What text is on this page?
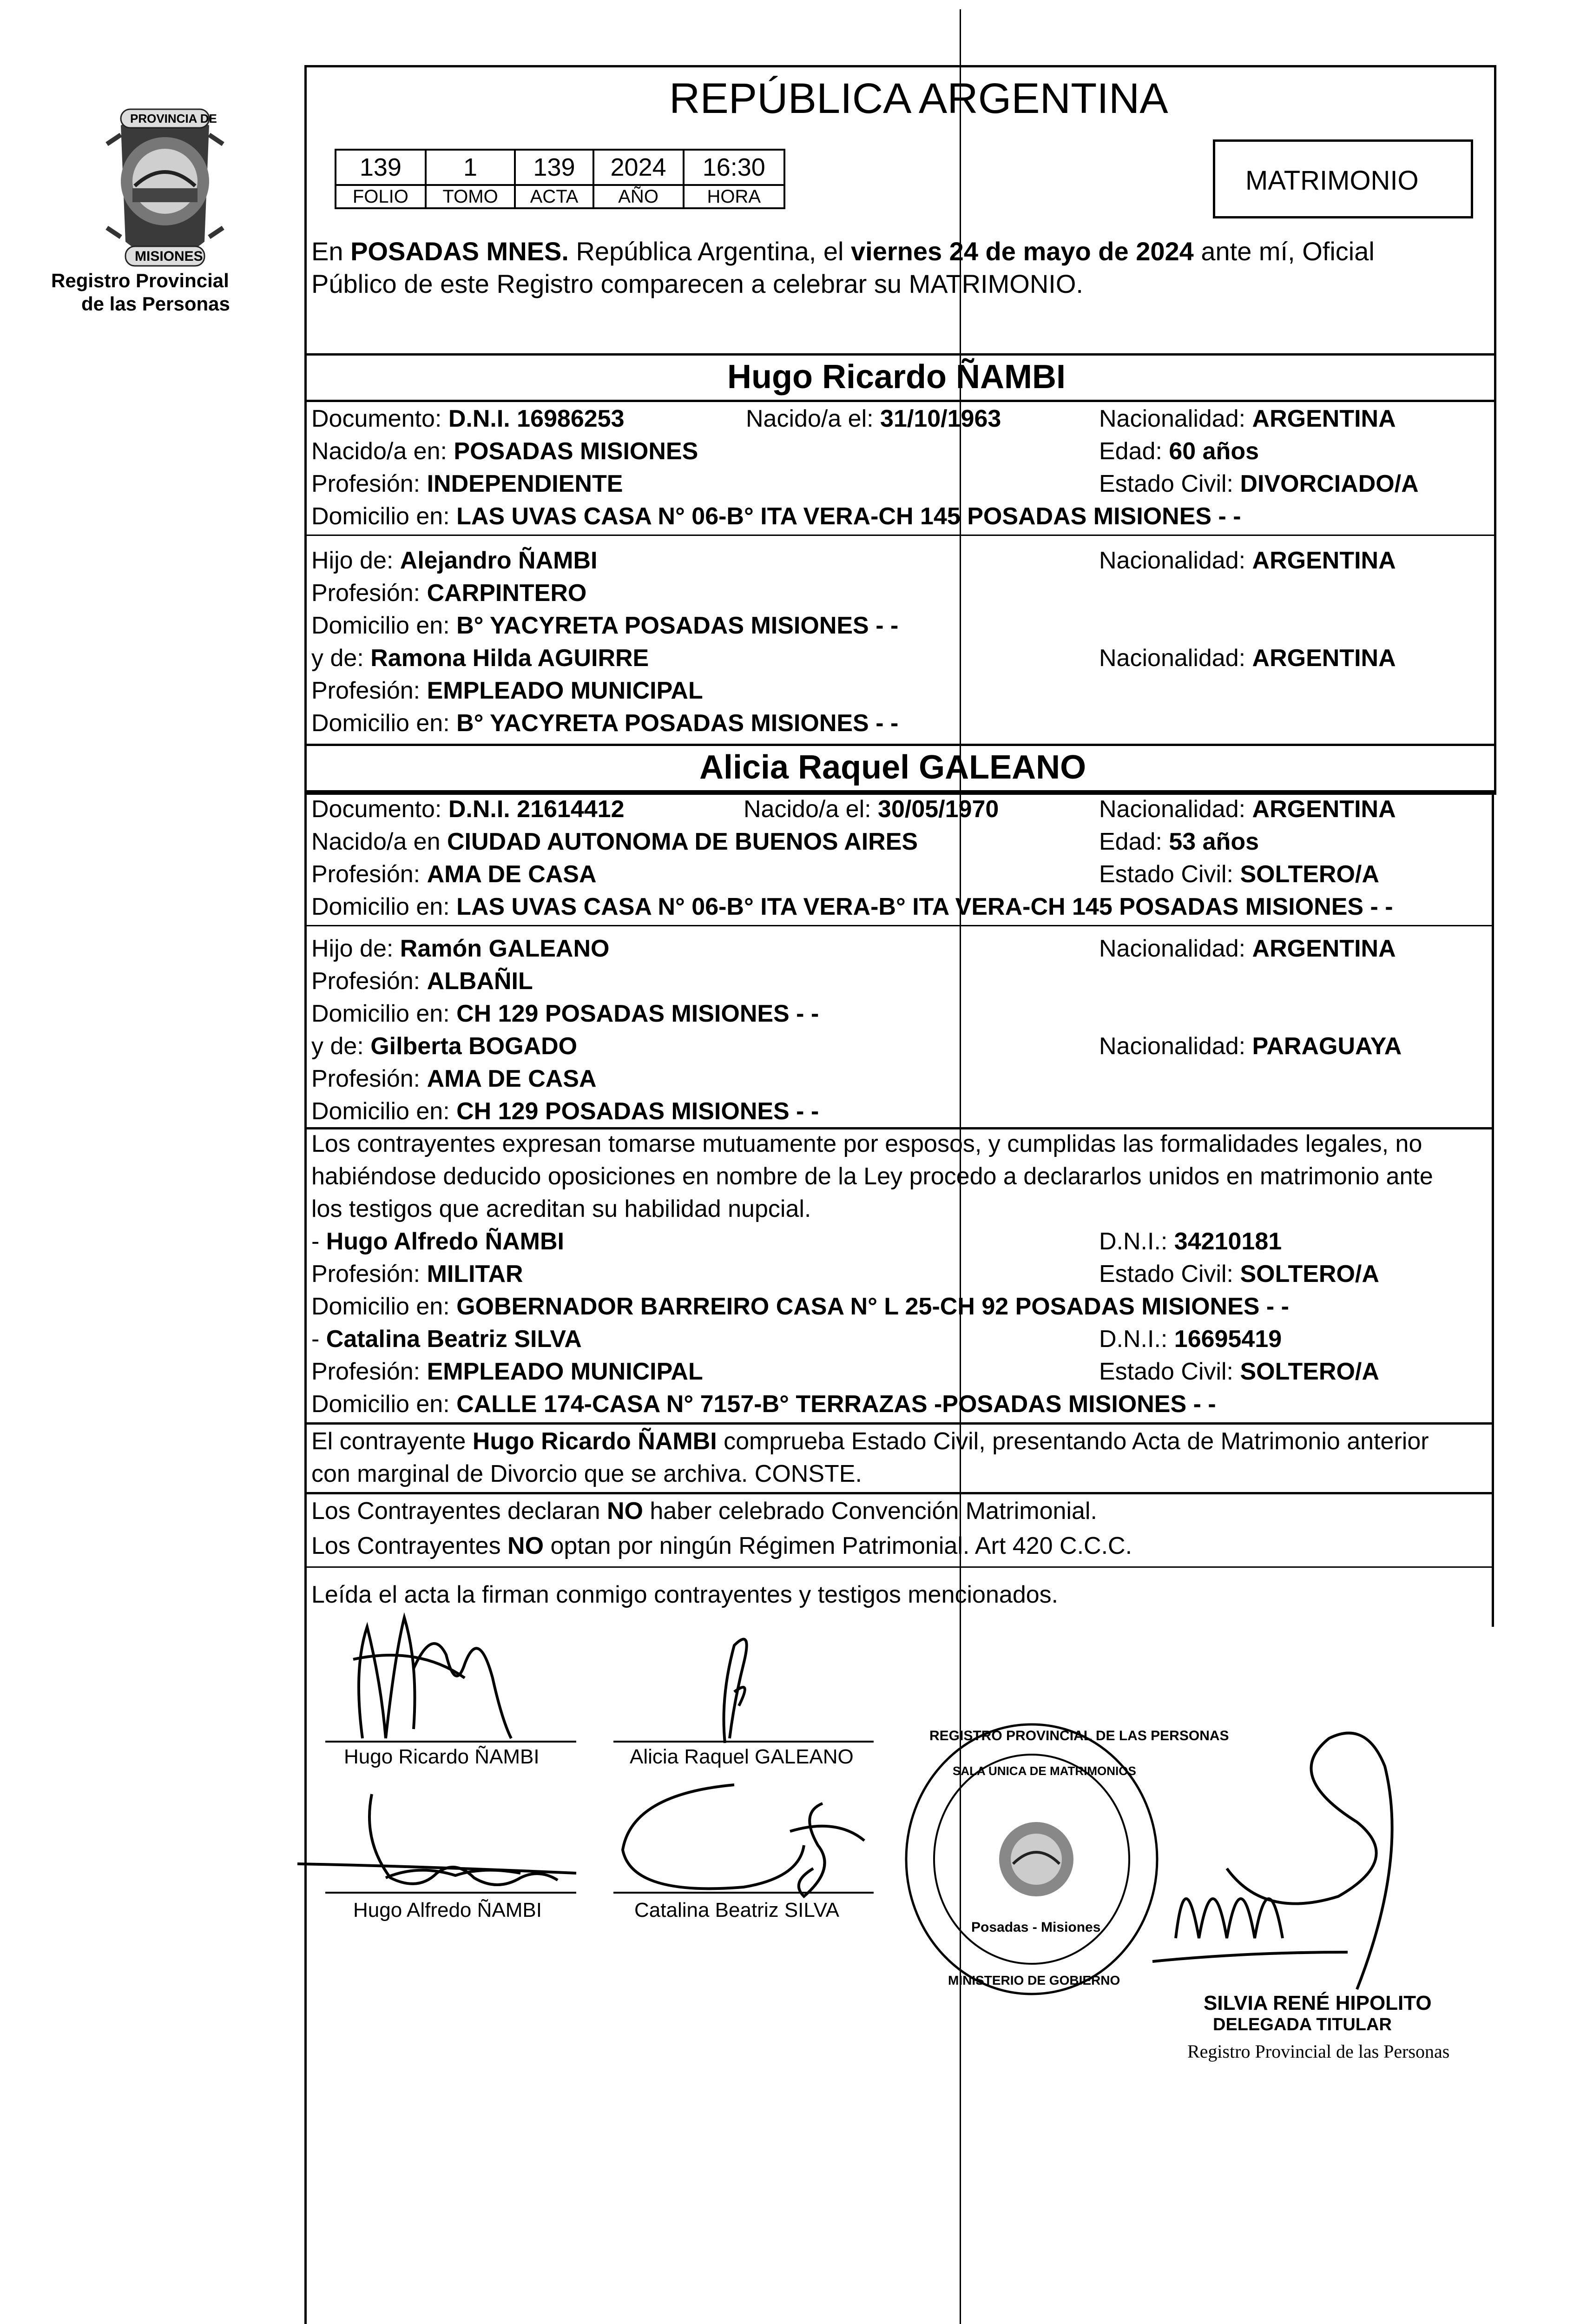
PROVINCIA DE
MISIONES
Registro Provincial
de las Personas
REPÚBLICA ARGENTINA
139	1	139	2024	16:30
FOLIO	TOMO	ACTA	AÑO	HORA
MATRIMONIO
En POSADAS MNES. República Argentina, el viernes 24 de mayo de 2024 ante mí, Oficial
Público de este Registro comparecen a celebrar su MATRIMONIO.
Hugo Ricardo ÑAMBI
Documento: D.N.I. 16986253	Nacido/a el: 31/10/1963	Nacionalidad: ARGENTINA
Nacido/a en: POSADAS MISIONES	Edad: 60 años
Profesión: INDEPENDIENTE	Estado Civil: DIVORCIADO/A
Domicilio en: LAS UVAS CASA N° 06-B° ITA VERA-CH 145 POSADAS MISIONES - -
Hijo de: Alejandro ÑAMBI	Nacionalidad: ARGENTINA
Profesión: CARPINTERO
Domicilio en: B° YACYRETA POSADAS MISIONES - -
y de: Ramona Hilda AGUIRRE	Nacionalidad: ARGENTINA
Profesión: EMPLEADO MUNICIPAL
Domicilio en: B° YACYRETA POSADAS MISIONES - -
Alicia Raquel GALEANO
Documento: D.N.I. 21614412	Nacido/a el: 30/05/1970	Nacionalidad: ARGENTINA
Nacido/a en CIUDAD AUTONOMA DE BUENOS AIRES	Edad: 53 años
Profesión: AMA DE CASA	Estado Civil: SOLTERO/A
Domicilio en: LAS UVAS CASA N° 06-B° ITA VERA-B° ITA VERA-CH 145 POSADAS MISIONES - -
Hijo de: Ramón GALEANO	Nacionalidad: ARGENTINA
Profesión: ALBAÑIL
Domicilio en: CH 129 POSADAS MISIONES - -
y de: Gilberta BOGADO	Nacionalidad: PARAGUAYA
Profesión: AMA DE CASA
Domicilio en: CH 129 POSADAS MISIONES - -
Los contrayentes expresan tomarse mutuamente por esposos, y cumplidas las formalidades legales, no
habiéndose deducido oposiciones en nombre de la Ley procedo a declararlos unidos en matrimonio ante
los testigos que acreditan su habilidad nupcial.
- Hugo Alfredo ÑAMBI	D.N.I.: 34210181
Profesión: MILITAR	Estado Civil: SOLTERO/A
Domicilio en: GOBERNADOR BARREIRO CASA N° L 25-CH 92 POSADAS MISIONES - -
- Catalina Beatriz SILVA	D.N.I.: 16695419
Profesión: EMPLEADO MUNICIPAL	Estado Civil: SOLTERO/A
Domicilio en: CALLE 174-CASA N° 7157-B° TERRAZAS -POSADAS MISIONES - -
El contrayente Hugo Ricardo ÑAMBI comprueba Estado Civil, presentando Acta de Matrimonio anterior
con marginal de Divorcio que se archiva. CONSTE.
Los Contrayentes declaran NO haber celebrado Convención Matrimonial.
Los Contrayentes NO optan por ningún Régimen Patrimonial. Art 420 C.C.C.
Leída el acta la firman conmigo contrayentes y testigos mencionados.
Hugo Ricardo ÑAMBI	Alicia Raquel GALEANO
Hugo Alfredo ÑAMBI	Catalina Beatriz SILVA
REGISTRO PROVINCIAL DE LAS PERSONAS
SALA UNICA DE MATRIMONIOS
Posadas - Misiones
MINISTERIO DE GOBIERNO
SILVIA RENÉ HIPOLITO
DELEGADA TITULAR
Registro Provincial de las Personas
